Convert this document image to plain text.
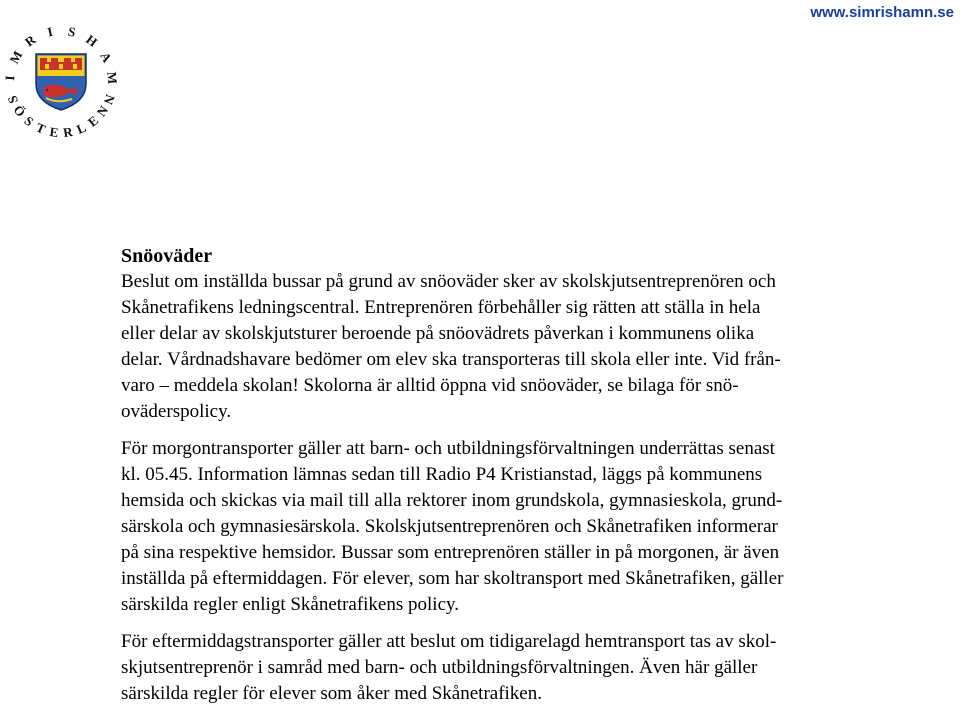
www.simrishamn.se
S
I
M
R
I S H
A
M
N
N
E
L
R
E
T
S
Ö
Snöoväder

Beslut om inställda bussar på grund av snöoväder sker av skolskjutsentreprenören och
Skånetrafikens ledningscentral. Entreprenören förbehåller sig rätten att ställa in hela
eller delar av skolskjutsturer beroende på snöovädrets påverkan i kommunens olika
delar. Vårdnadshavare bedömer om elev ska transporteras till skola eller inte. Vid från-
varo – meddela skolan! Skolorna är alltid öppna vid snöoväder, se bilaga för snö-
oväderspolicy.

För morgontransporter gäller att barn- och utbildningsförvaltningen underrättas senast
kl. 05.45. Information lämnas sedan till Radio P4 Kristianstad, läggs på kommunens
hemsida och skickas via mail till alla rektorer inom grundskola, gymnasieskola, grund-
särskola och gymnasiesärskola. Skolskjutsentreprenören och Skånetrafiken informerar
på sina respektive hemsidor. Bussar som entreprenören ställer in på morgonen, är även
inställda på eftermiddagen. För elever, som har skoltransport med Skånetrafiken, gäller
särskilda regler enligt Skånetrafikens policy.

För eftermiddagstransporter gäller att beslut om tidigarelagd hemtransport tas av skol-
skjutsentreprenör i samråd med barn- och utbildningsförvaltningen. Även här gäller
särskilda regler för elever som åker med Skånetrafiken.
